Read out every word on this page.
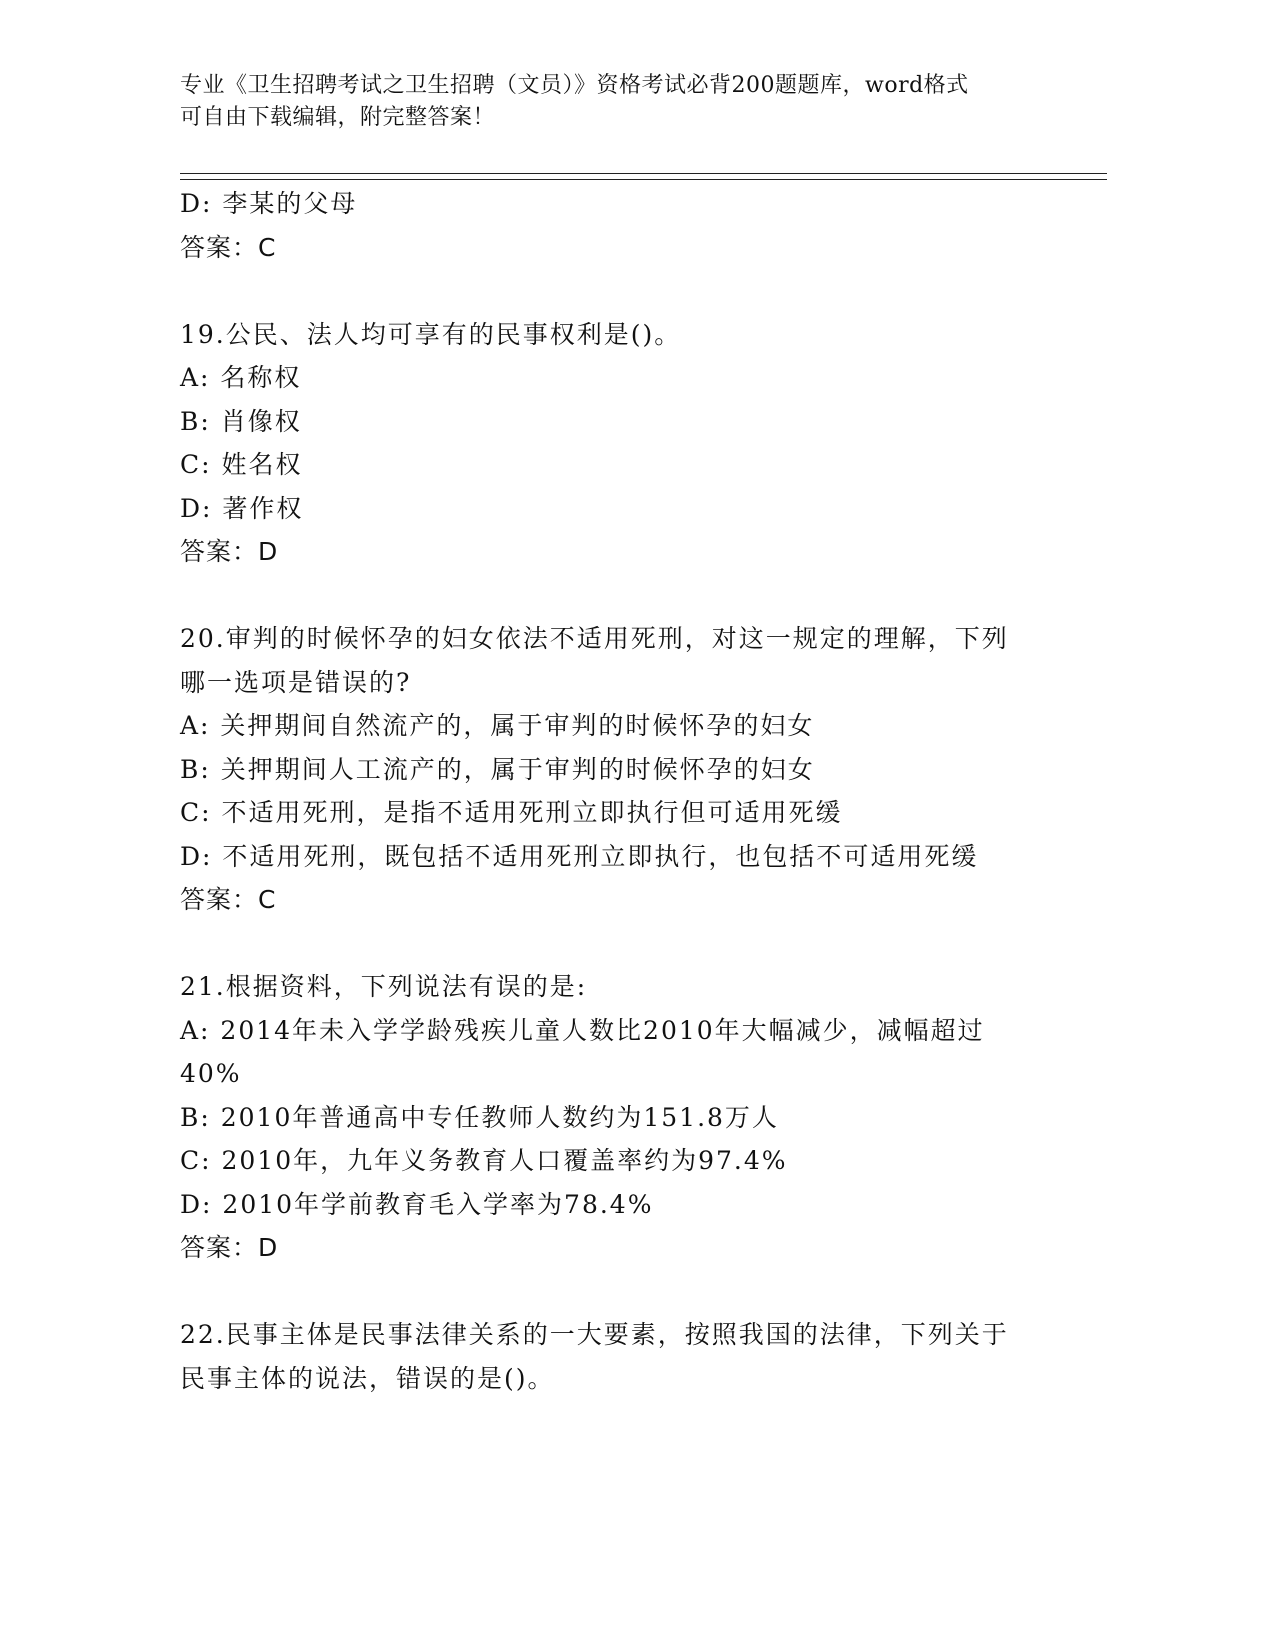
专业《卫生招聘考试之卫生招聘（文员）》资格考试必背200题题库，word格式
可自由下载编辑，附完整答案！
D: 李某的父母
答案：C
19.公民、法人均可享有的民事权利是()。
A: 名称权
B: 肖像权
C: 姓名权
D: 著作权
答案：D
20.审判的时候怀孕的妇女依法不适用死刑，对这一规定的理解，下列
哪一选项是错误的?
A: 关押期间自然流产的，属于审判的时候怀孕的妇女
B: 关押期间人工流产的，属于审判的时候怀孕的妇女
C: 不适用死刑，是指不适用死刑立即执行但可适用死缓
D: 不适用死刑，既包括不适用死刑立即执行，也包括不可适用死缓
答案：C
21.根据资料，下列说法有误的是:
A: 2014年未入学学龄残疾儿童人数比2010年大幅减少，减幅超过
40%
B: 2010年普通高中专任教师人数约为151.8万人
C: 2010年，九年义务教育人口覆盖率约为97.4%
D: 2010年学前教育毛入学率为78.4%
答案：D
22.民事主体是民事法律关系的一大要素，按照我国的法律，下列关于
民事主体的说法，错误的是()。
